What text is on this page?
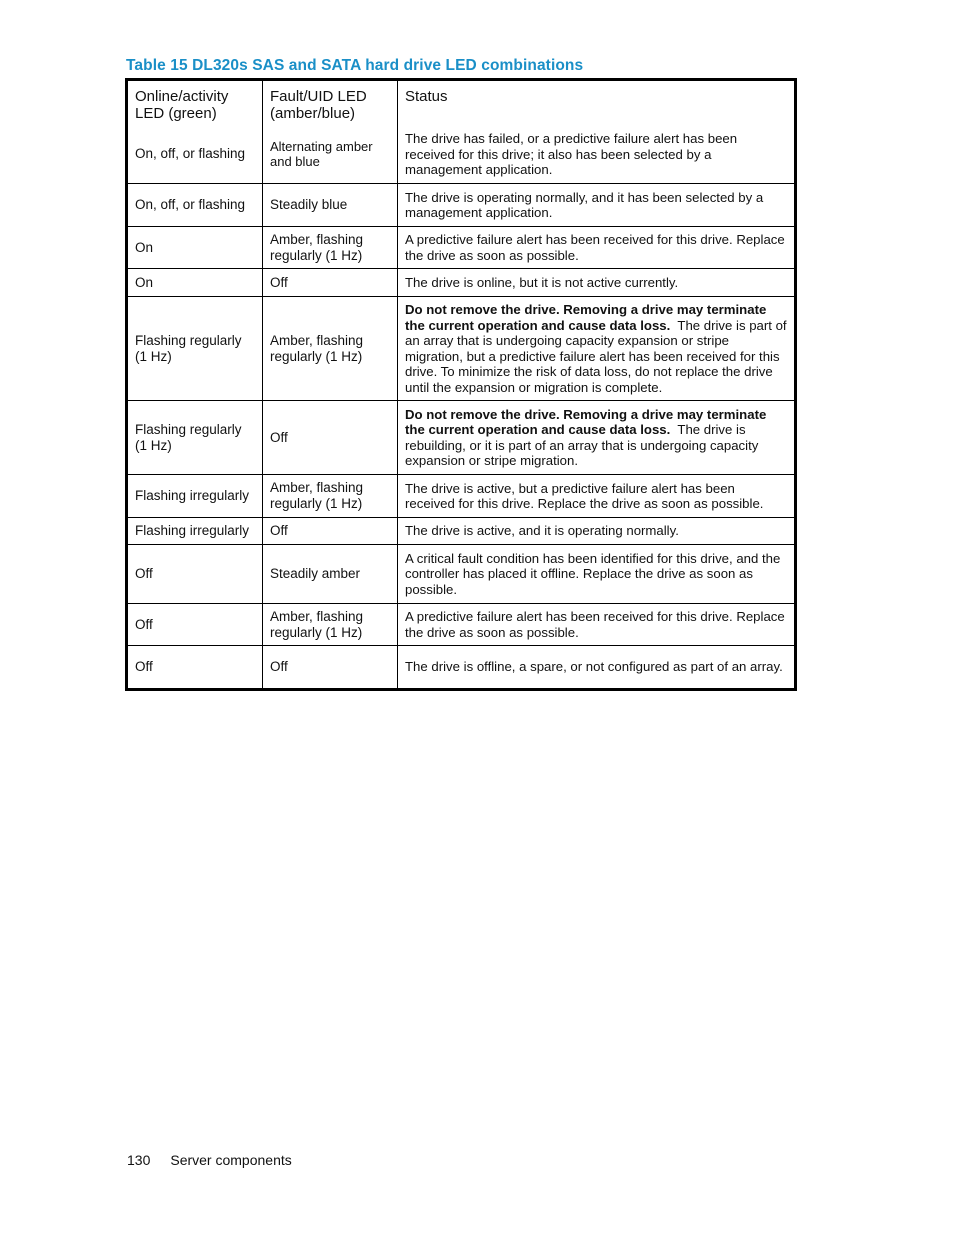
Table 15 DL320s SAS and SATA hard drive LED combinations
Online/activity LED (green)	Fault/UID LED (amber/blue)	Status
On, off, or flashing	Alternating amber and blue	The drive has failed, or a predictive failure alert has been received for this drive; it also has been selected by a management application.
On, off, or flashing	Steadily blue	The drive is operating normally, and it has been selected by a management application.
On	Amber, flashing regularly (1 Hz)	A predictive failure alert has been received for this drive. Replace the drive as soon as possible.
On	Off	The drive is online, but it is not active currently.
Flashing regularly (1 Hz)	Amber, flashing regularly (1 Hz)	Do not remove the drive. Removing a drive may terminate the current operation and cause data loss. The drive is part of an array that is undergoing capacity expansion or stripe migration, but a predictive failure alert has been received for this drive. To minimize the risk of data loss, do not replace the drive until the expansion or migration is complete.
Flashing regularly (1 Hz)	Off	Do not remove the drive. Removing a drive may terminate the current operation and cause data loss. The drive is rebuilding, or it is part of an array that is undergoing capacity expansion or stripe migration.
Flashing irregularly	Amber, flashing regularly (1 Hz)	The drive is active, but a predictive failure alert has been received for this drive. Replace the drive as soon as possible.
Flashing irregularly	Off	The drive is active, and it is operating normally.
Off	Steadily amber	A critical fault condition has been identified for this drive, and the controller has placed it offline. Replace the drive as soon as possible.
Off	Amber, flashing regularly (1 Hz)	A predictive failure alert has been received for this drive. Replace the drive as soon as possible.
Off	Off	The drive is offline, a spare, or not configured as part of an array.
130 Server components
